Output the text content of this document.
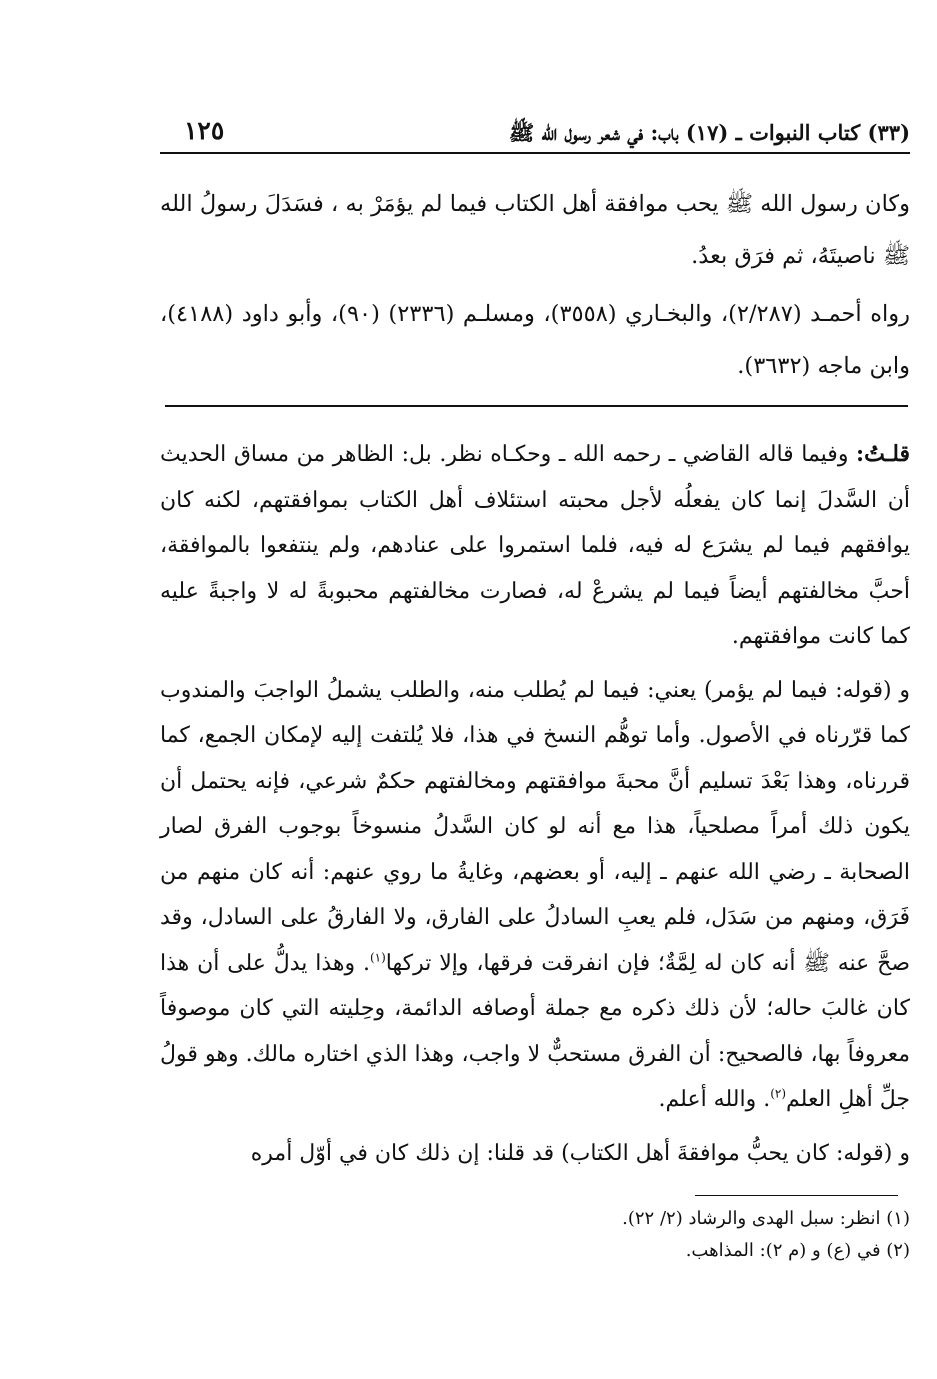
(٣٣) كتاب النبوات ـ (١٧) باب: في شعر رسول الله ﷺ
١٢٥

وكان رسول الله ﷺ يحب موافقة أهل الكتاب فيما لم يؤمَرْ به ، فسَدَلَ رسولُ الله ﷺ ناصيتَهُ، ثم فرَق بعدُ.

رواه أحمـد (٢/٢٨٧)، والبخـاري (٣٥٥٨)، ومسلـم (٢٣٣٦) (٩٠)، وأبو داود (٤١٨٨)، وابن ماجه (٣٦٣٢).

قلـتُ: وفيما قاله القاضي ـ رحمه الله ـ وحكـاه نظر. بل: الظاهر من مساق الحديث أن السَّدلَ إنما كان يفعلُه لأجل محبته استئلاف أهل الكتاب بموافقتهم، لكنه كان يوافقهم فيما لم يشرَع له فيه، فلما استمروا على عنادهم، ولم ينتفعوا بالموافقة، أحبَّ مخالفتهم أيضاً فيما لم يشرعْ له، فصارت مخالفتهم محبوبةً له لا واجبةً عليه كما كانت موافقتهم.

و (قوله: فيما لم يؤمر) يعني: فيما لم يُطلب منه، والطلب يشملُ الواجبَ والمندوب كما قرّرناه في الأصول. وأما توهُّم النسخ في هذا، فلا يُلتفت إليه لإمكان الجمع، كما قررناه، وهذا بَعْدَ تسليم أنَّ محبةَ موافقتهم ومخالفتهم حكمٌ شرعي، فإنه يحتمل أن يكون ذلك أمراً مصلحياً، هذا مع أنه لو كان السَّدلُ منسوخاً بوجوب الفرق لصار الصحابة ـ رضي الله عنهم ـ إليه، أو بعضهم، وغايةُ ما روي عنهم: أنه كان منهم من فَرَق، ومنهم من سَدَل، فلم يعبِ السادلُ على الفارق، ولا الفارقُ على السادل، وقد صحَّ عنه ﷺ أنه كان له لِمَّةٌ؛ فإن انفرقت فرقها، وإلا تركها$^{(١)}$. وهذا يدلُّ على أن هذا كان غالبَ حاله؛ لأن ذلك ذكره مع جملة أوصافه الدائمة، وحِليته التي كان موصوفاً معروفاً بها، فالصحيح: أن الفرق مستحبٌّ لا واجب، وهذا الذي اختاره مالك. وهو قولُ جلِّ أهلِ العلم$^{(٢)}$. والله أعلم.

و (قوله: كان يحبُّ موافقةَ أهل الكتاب) قد قلنا: إن ذلك كان في أوّل أمره

(١) انظر: سبل الهدى والرشاد (٢/ ٢٢).

(٢) في (ع) و (م ٢): المذاهب.
